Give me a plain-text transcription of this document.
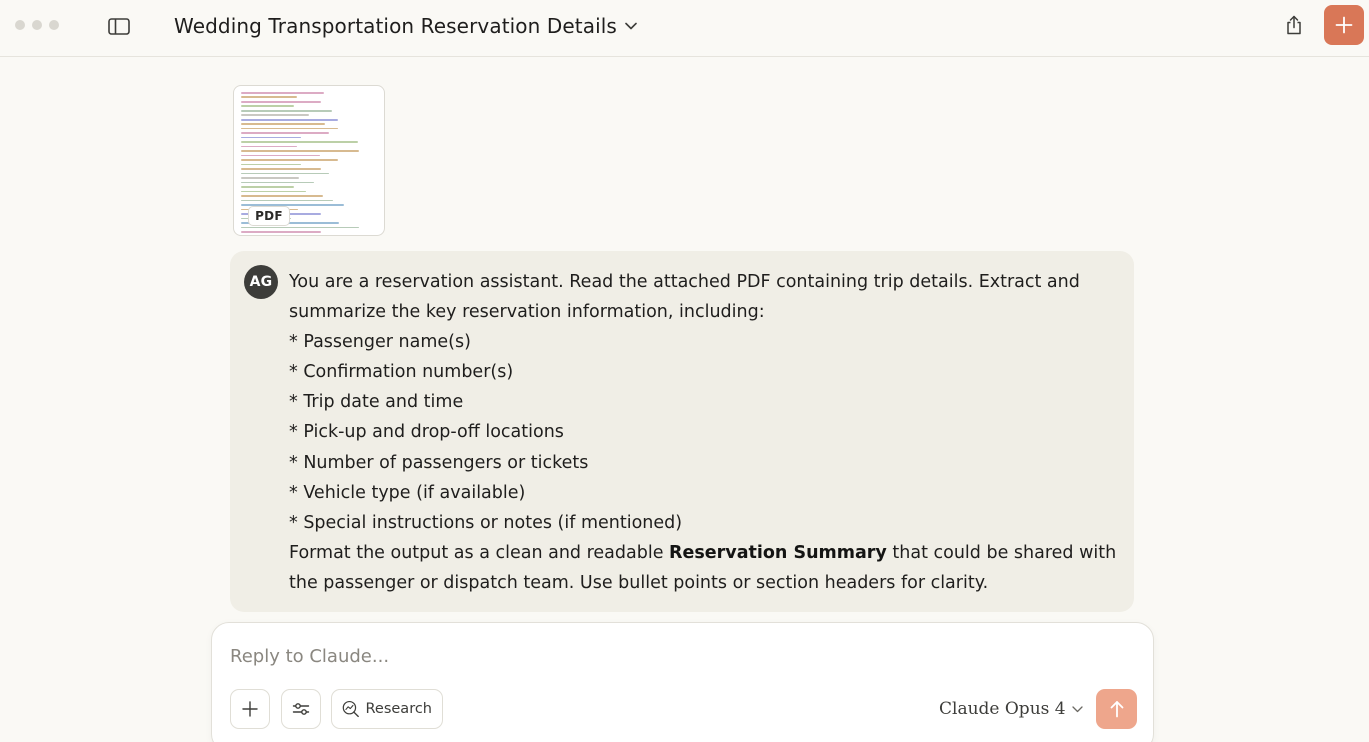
Wedding Transportation Reservation Details
PDF
AG You are a reservation assistant. Read the attached PDF containing trip details. Extract and

summarize the key reservation information, including:

* Passenger name(s)

* Confirmation number(s)

* Trip date and time

* Pick-up and drop-off locations

* Number of passengers or tickets

* Vehicle type (if available)

* Special instructions or notes (if mentioned)

Format the output as a clean and readable Reservation Summary that could be shared with

the passenger or dispatch team. Use bullet points or section headers for clarity.

Reply to Claude...
Research	Claude Opus 4
